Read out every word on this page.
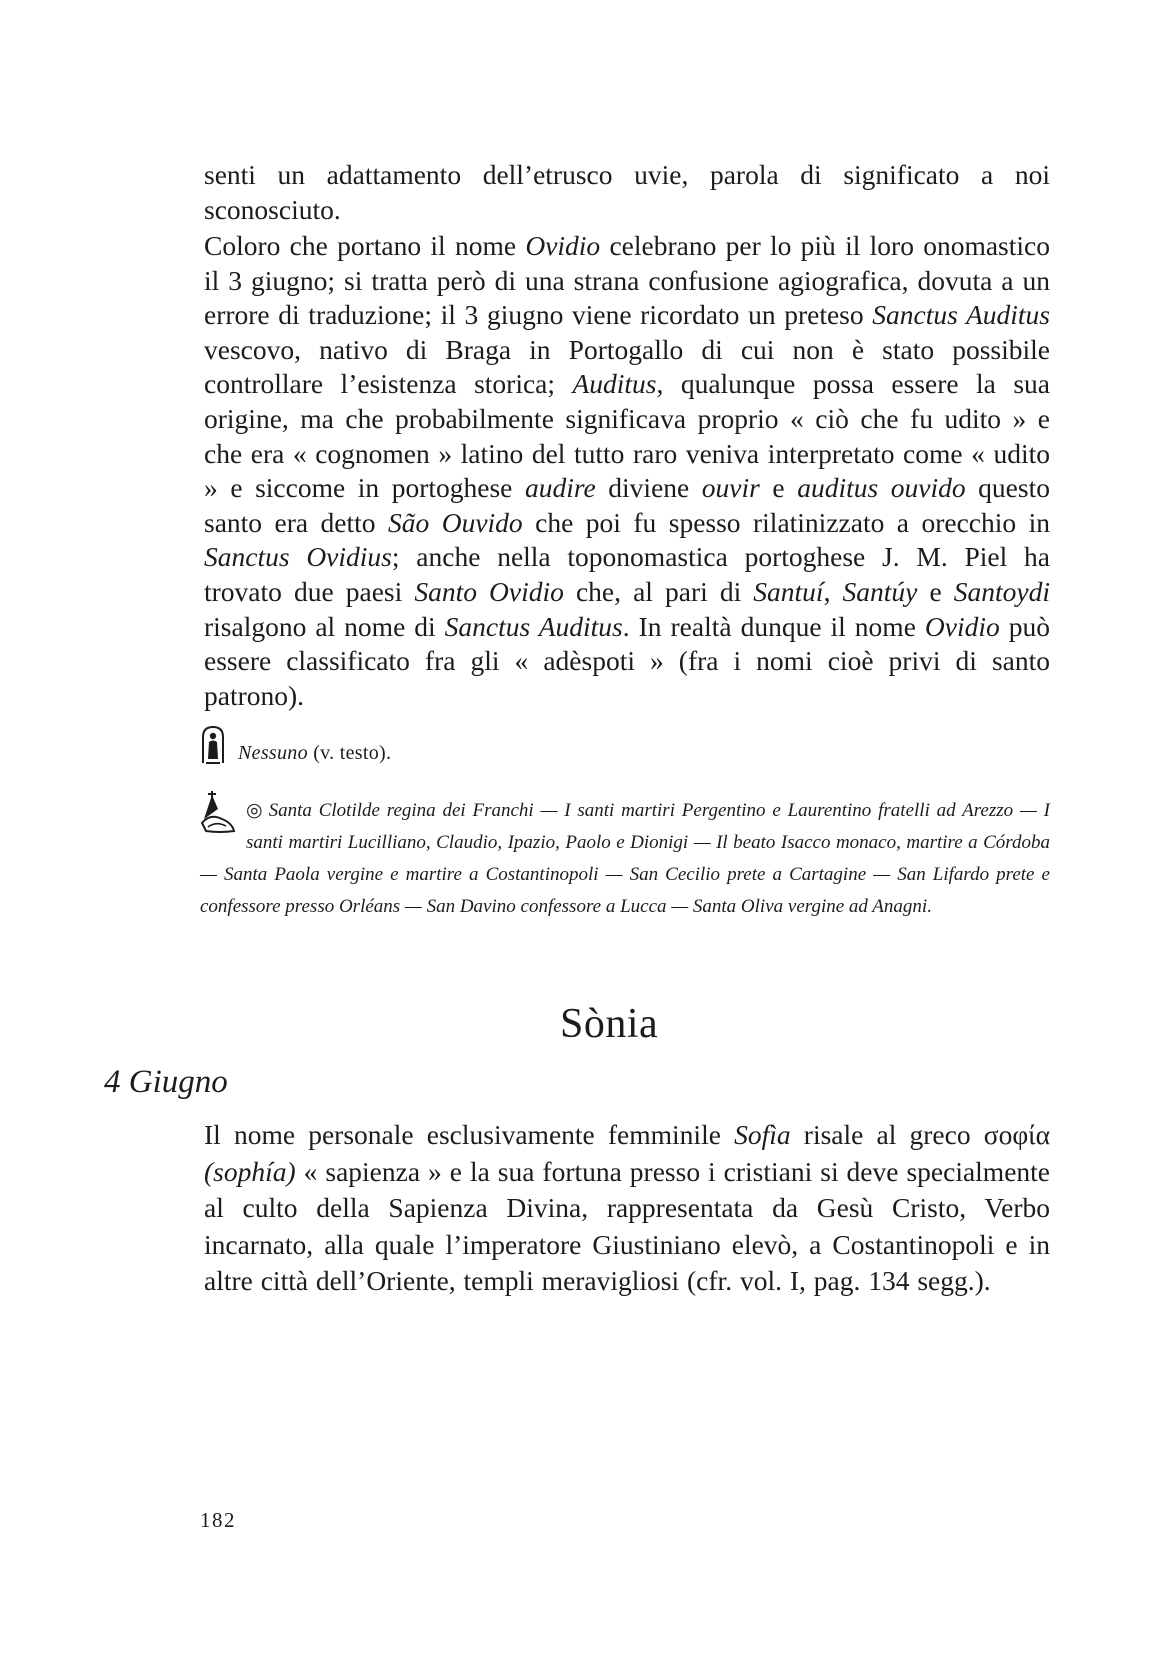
senti un adattamento dell’etrusco uvie, parola di significato a noi sconosciuto.

Coloro che portano il nome Ovidio celebrano per lo più il loro onomastico il 3 giugno; si tratta però di una strana confusione agiografica, dovuta a un errore di traduzione; il 3 giugno viene ricordato un preteso Sanctus Auditus vescovo, nativo di Braga in Portogallo di cui non è stato possibile controllare l’esistenza storica; Auditus, qualunque possa essere la sua origine, ma che probabilmente significava proprio « ciò che fu udito » e che era « cognomen » latino del tutto raro veniva interpretato come « udito » e siccome in portoghese audire diviene ouvir e auditus ouvido questo santo era detto São Ouvido che poi fu spesso rilatinizzato a orecchio in Sanctus Ovidius; anche nella toponomastica portoghese J. M. Piel ha trovato due paesi Santo Ovidio che, al pari di Santuí, Santúy e Santoydi risalgono al nome di Sanctus Auditus. In realtà dunque il nome Ovidio può essere classificato fra gli « adèspoti » (fra i nomi cioè privi di santo patrono).

Nessuno (v. testo).
◎ Santa Clotilde regina dei Franchi — I santi martiri Pergentino e Laurentino fratelli ad Arezzo — I santi martiri Lucilliano, Claudio, Ipazio, Paolo e Dionigi — Il beato Isacco monaco, martire a Córdoba — Santa Paola vergine e martire a Costantinopoli — San Cecilio prete a Cartagine — San Lifardo prete e confessore presso Orléans — San Davino confessore a Lucca — Santa Oliva vergine ad Anagni.
Sònia
4 Giugno

Il nome personale esclusivamente femminile Sofìa risale al greco σοφία (sophía) « sapienza » e la sua fortuna presso i cristiani si deve specialmente al culto della Sapienza Divina, rappresentata da Gesù Cristo, Verbo incarnato, alla quale l’imperatore Giustiniano elevò, a Costantinopoli e in altre città dell’Oriente, templi meravigliosi (cfr. vol. I, pag. 134 segg.).

182
